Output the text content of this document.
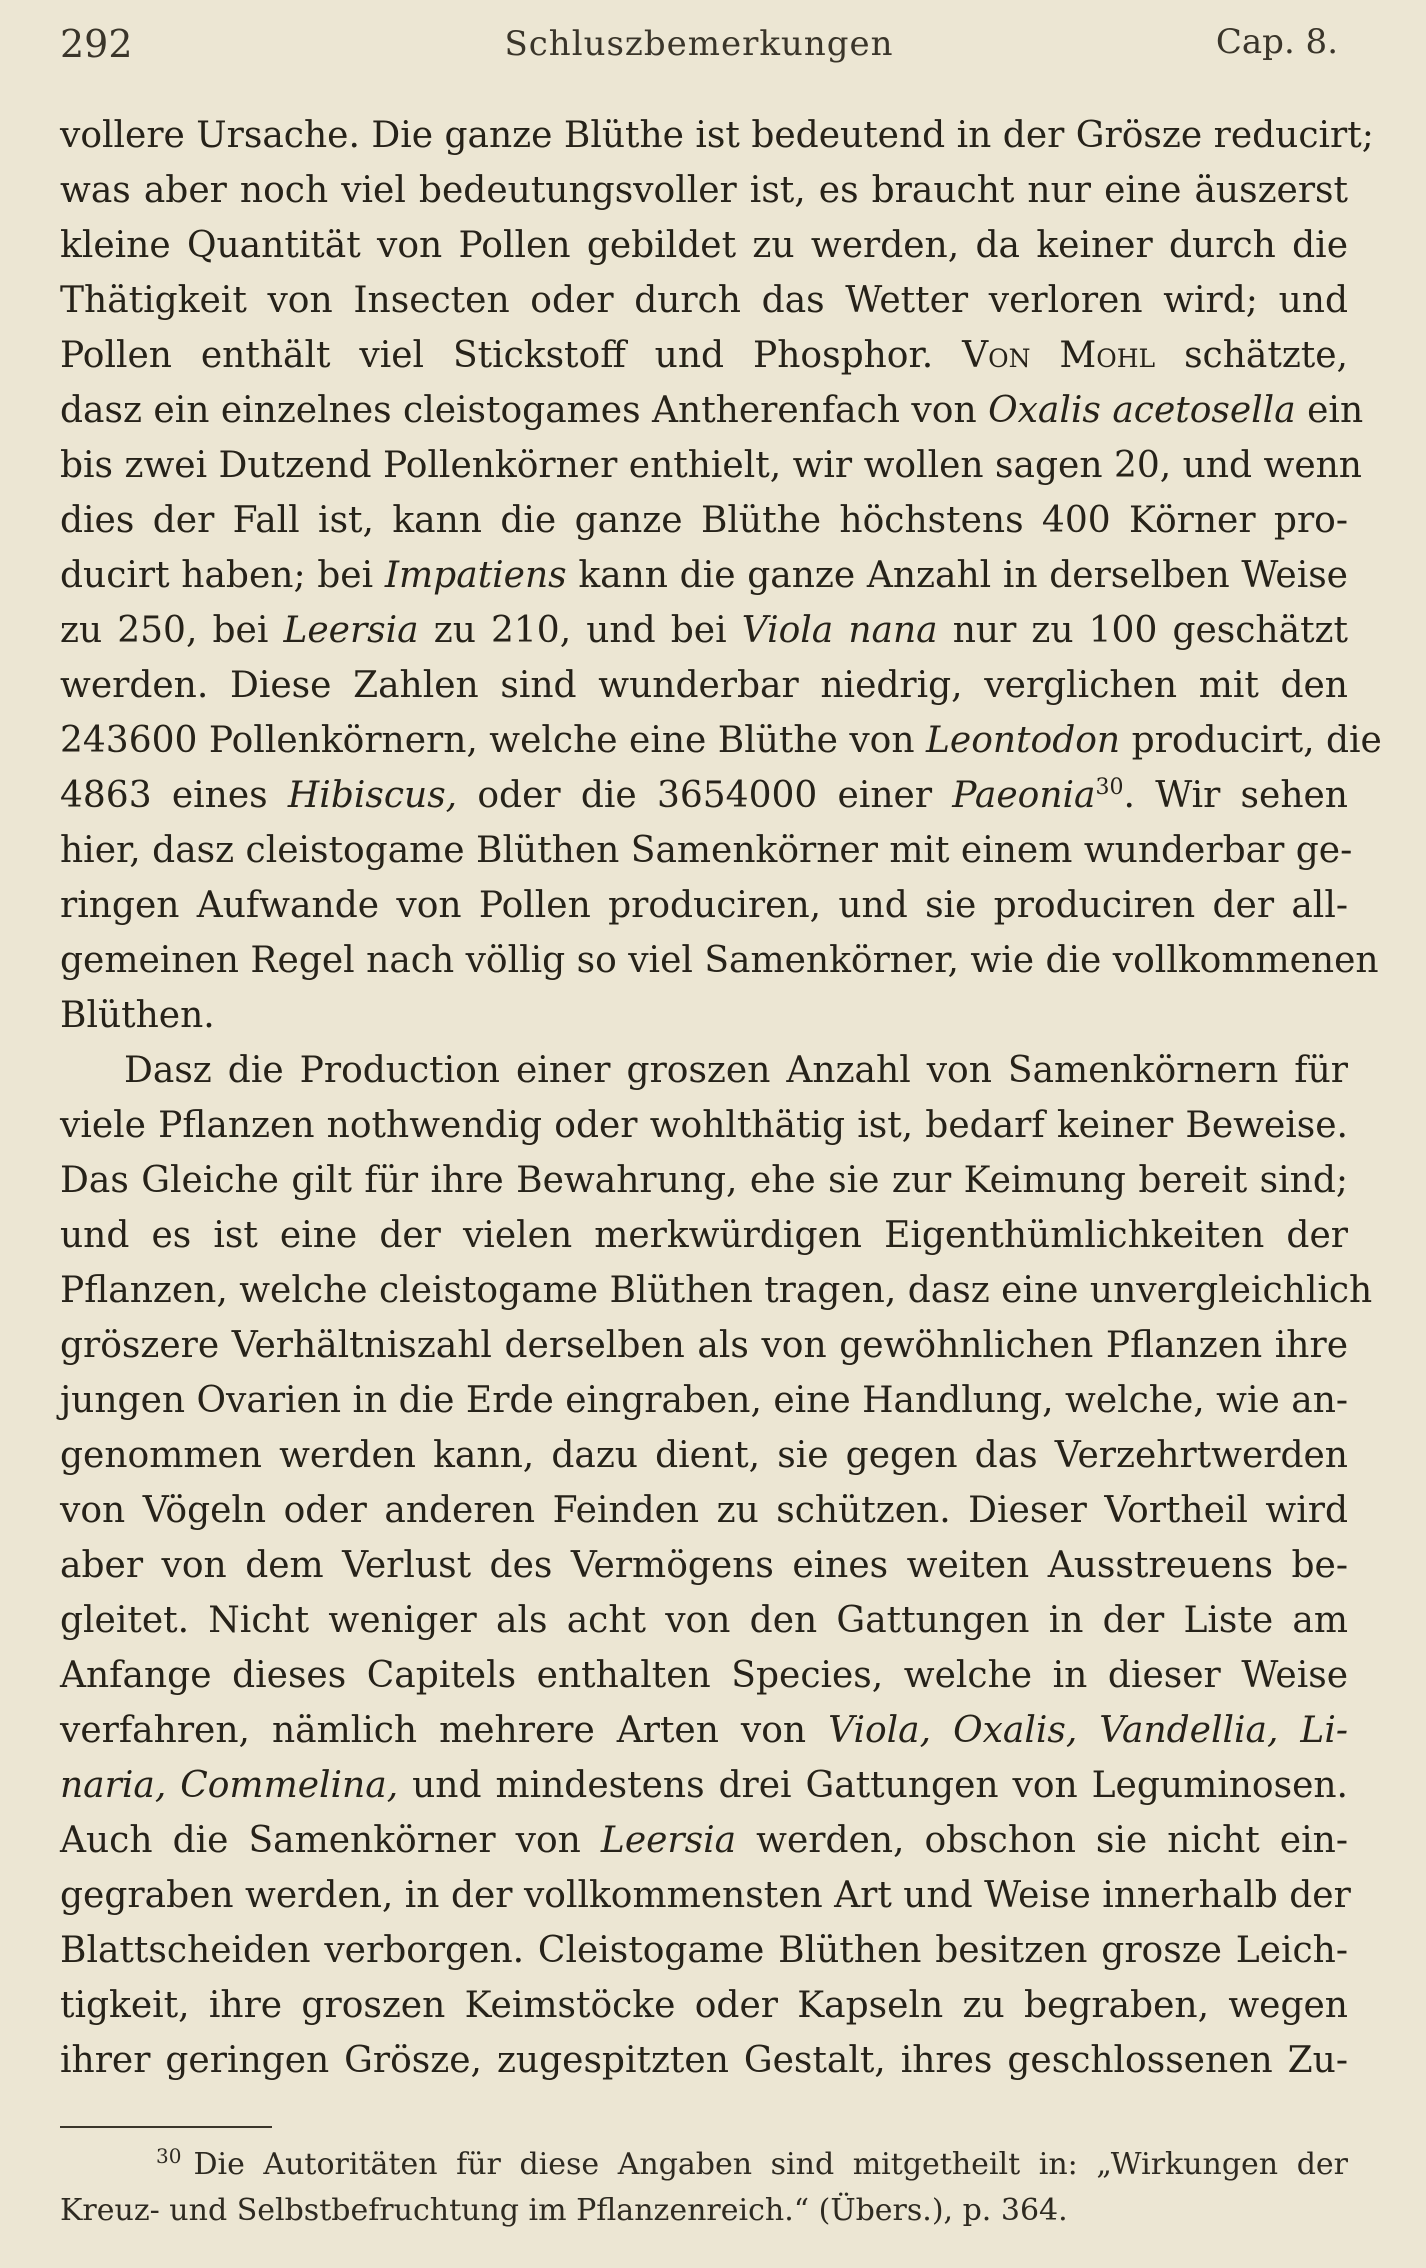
292	Schluszbemerkungen	Cap. 8.
vollere Ursache. Die ganze Blüthe ist bedeutend in der Grösze reducirt;
was aber noch viel bedeutungsvoller ist, es braucht nur eine äuszerst
kleine Quantität von Pollen gebildet zu werden, da keiner durch die
Thätigkeit von Insecten oder durch das Wetter verloren wird; und
Pollen enthält viel Stickstoff und Phosphor. Von Mohl schätzte,
dasz ein einzelnes cleistogames Antherenfach von Oxalis acetosella ein
bis zwei Dutzend Pollenkörner enthielt, wir wollen sagen 20, und wenn
dies der Fall ist, kann die ganze Blüthe höchstens 400 Körner pro-
ducirt haben; bei Impatiens kann die ganze Anzahl in derselben Weise
zu 250, bei Leersia zu 210, und bei Viola nana nur zu 100 geschätzt
werden. Diese Zahlen sind wunderbar niedrig, verglichen mit den
243600 Pollenkörnern, welche eine Blüthe von Leontodon producirt, die
4863 eines Hibiscus, oder die 3654000 einer Paeonia$^{30}$. Wir sehen
hier, dasz cleistogame Blüthen Samenkörner mit einem wunderbar ge-
ringen Aufwande von Pollen produciren, und sie produciren der all-
gemeinen Regel nach völlig so viel Samenkörner, wie die vollkommenen
Blüthen.
Dasz die Production einer groszen Anzahl von Samenkörnern für
viele Pflanzen nothwendig oder wohlthätig ist, bedarf keiner Beweise.
Das Gleiche gilt für ihre Bewahrung, ehe sie zur Keimung bereit sind;
und es ist eine der vielen merkwürdigen Eigenthümlichkeiten der
Pflanzen, welche cleistogame Blüthen tragen, dasz eine unvergleichlich
gröszere Verhältniszahl derselben als von gewöhnlichen Pflanzen ihre
jungen Ovarien in die Erde eingraben, eine Handlung, welche, wie an-
genommen werden kann, dazu dient, sie gegen das Verzehrtwerden
von Vögeln oder anderen Feinden zu schützen. Dieser Vortheil wird
aber von dem Verlust des Vermögens eines weiten Ausstreuens be-
gleitet. Nicht weniger als acht von den Gattungen in der Liste am
Anfange dieses Capitels enthalten Species, welche in dieser Weise
verfahren, nämlich mehrere Arten von Viola, Oxalis, Vandellia, Li-
naria, Commelina, und mindestens drei Gattungen von Leguminosen.
Auch die Samenkörner von Leersia werden, obschon sie nicht ein-
gegraben werden, in der vollkommensten Art und Weise innerhalb der
Blattscheiden verborgen. Cleistogame Blüthen besitzen grosze Leich-
tigkeit, ihre groszen Keimstöcke oder Kapseln zu begraben, wegen
ihrer geringen Grösze, zugespitzten Gestalt, ihres geschlossenen Zu-
$^{30}$ Die Autoritäten für diese Angaben sind mitgetheilt in: „Wirkungen der
Kreuz- und Selbstbefruchtung im Pflanzenreich.“ (Übers.), p. 364.
